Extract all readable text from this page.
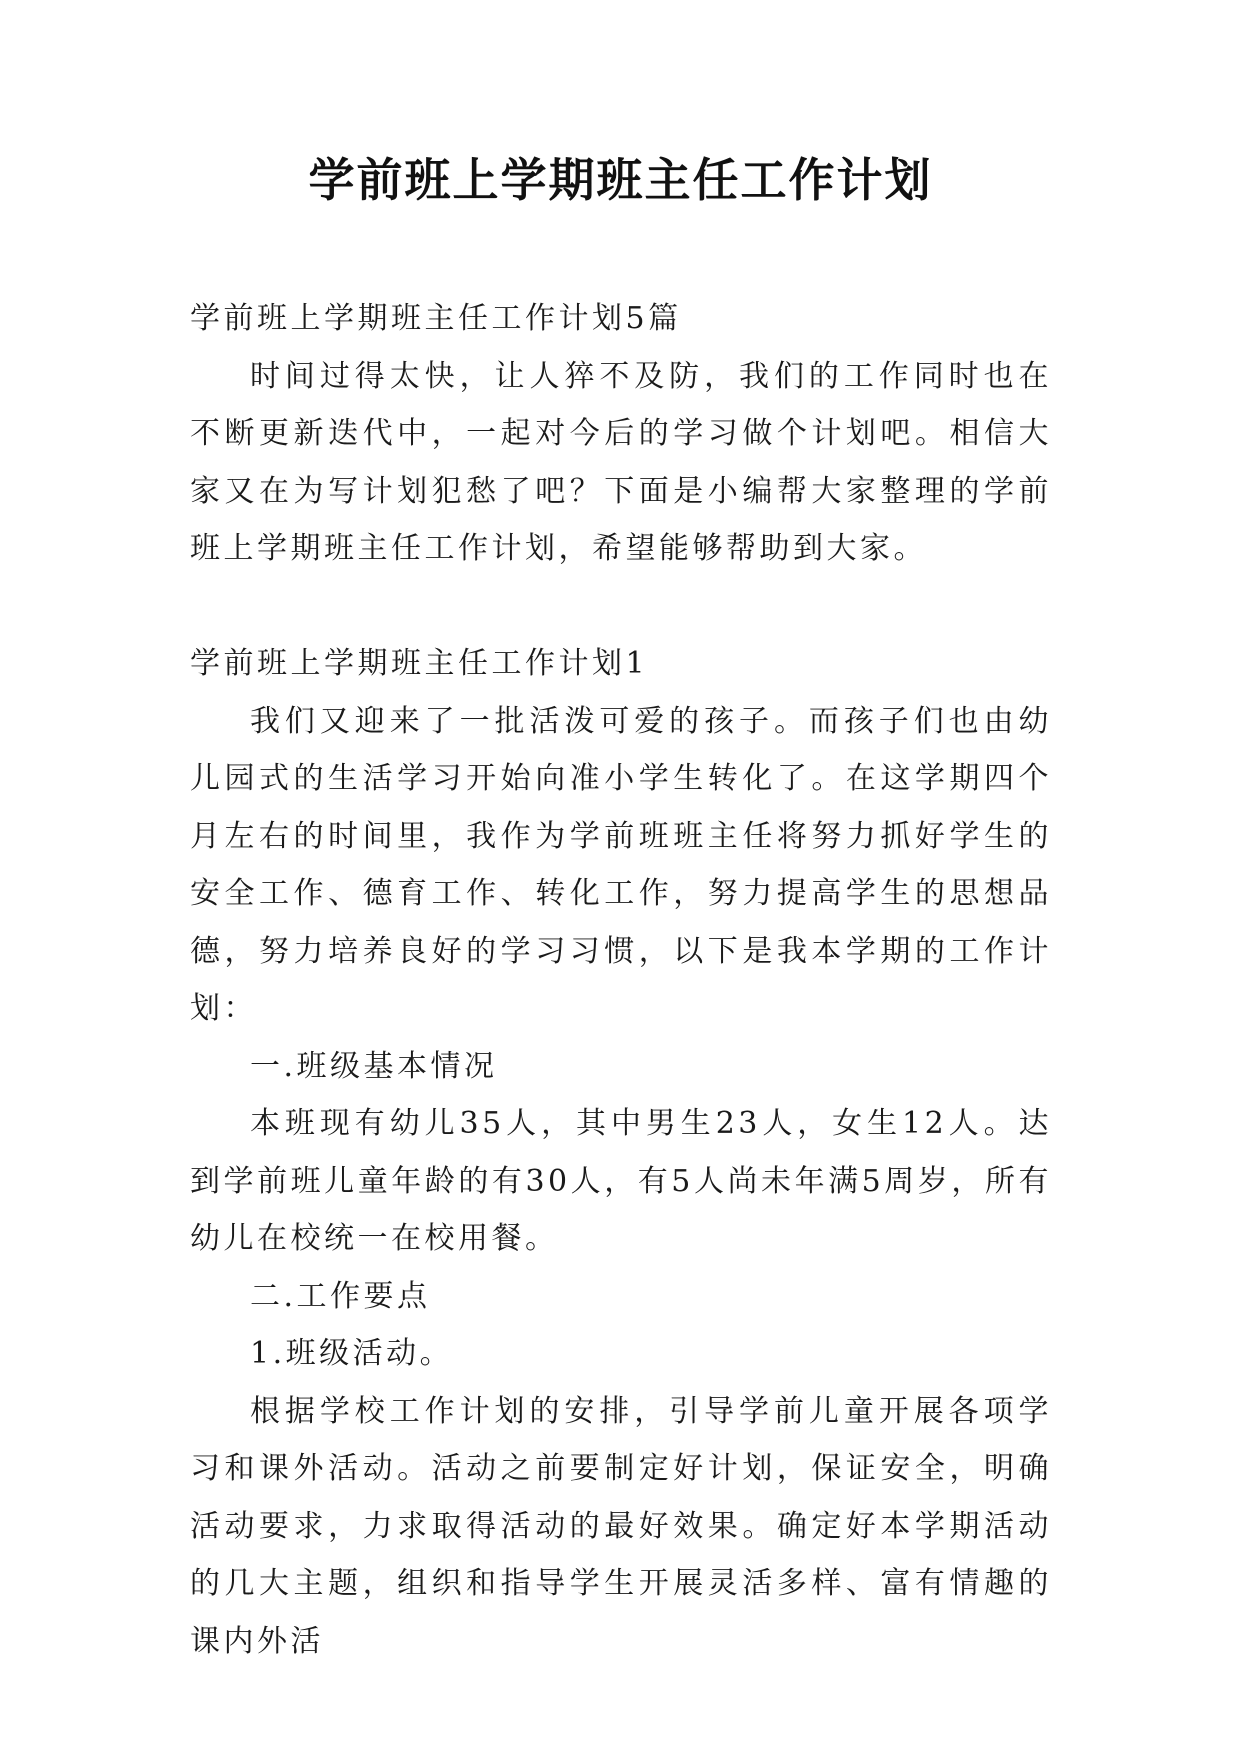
学前班上学期班主任工作计划

学前班上学期班主任工作计划5篇

时间过得太快，让人猝不及防，我们的工作同时也在不断更新迭代中，一起对今后的学习做个计划吧。相信大家又在为写计划犯愁了吧？下面是小编帮大家整理的学前班上学期班主任工作计划，希望能够帮助到大家。

学前班上学期班主任工作计划1

我们又迎来了一批活泼可爱的孩子。而孩子们也由幼儿园式的生活学习开始向准小学生转化了。在这学期四个月左右的时间里，我作为学前班班主任将努力抓好学生的安全工作、德育工作、转化工作，努力提高学生的思想品德，努力培养良好的学习习惯，以下是我本学期的工作计划：

一.班级基本情况

本班现有幼儿35人，其中男生23人，女生12人。达到学前班儿童年龄的有30人，有5人尚未年满5周岁，所有幼儿在校统一在校用餐。

二.工作要点

1.班级活动。

根据学校工作计划的安排，引导学前儿童开展各项学习和课外活动。活动之前要制定好计划，保证安全，明确活动要求，力求取得活动的最好效果。确定好本学期活动的几大主题，组织和指导学生开展灵活多样、富有情趣的课内外活
